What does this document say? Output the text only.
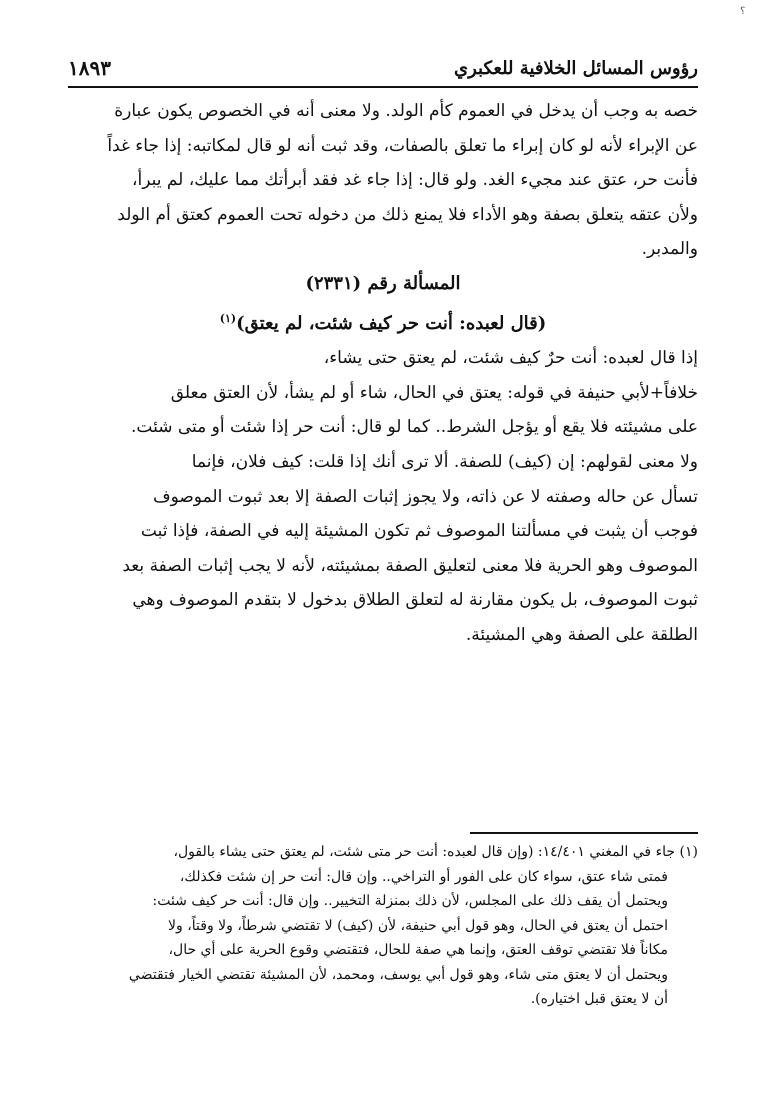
؟
رؤوس المسائل الخلافية للعكبري
١٨٩٣
خصه به وجب أن يدخل في العموم كأم الولد. ولا معنى أنه في الخصوص يكون عبارة
عن الإبراء لأنه لو كان إبراء ما تعلق بالصفات، وقد ثبت أنه لو قال لمكاتبه: إذا جاء غداً
فأنت حر، عتق عند مجيء الغد. ولو قال: إذا جاء غد فقد أبرأتك مما عليك، لم يبرأ،
ولأن عتقه يتعلق بصفة وهو الأداء فلا يمنع ذلك من دخوله تحت العموم كعتق أم الولد
والمدبر.
المسألة رقم (٢٣٣١)
(قال لعبده: أنت حر كيف شئت، لم يعتق)$^{(١)}$
إذا قال لعبده: أنت حرٌ كيف شئت، لم يعتق حتى يشاء،
خلافاً+لأبي حنيفة في قوله: يعتق في الحال، شاء أو لم يشأ، لأن العتق معلق
على مشيئته فلا يقع أو يؤجل الشرط.. كما لو قال: أنت حر إذا شئت أو متى شئت.
ولا معنى لقولهم: إن (كيف) للصفة. ألا ترى أنك إذا قلت: كيف فلان، فإنما
تسأل عن حاله وصفته لا عن ذاته، ولا يجوز إثبات الصفة إلا بعد ثبوت الموصوف
فوجب أن يثبت في مسألتنا الموصوف ثم تكون المشيئة إليه في الصفة، فإذا ثبت
الموصوف وهو الحرية فلا معنى لتعليق الصفة بمشيئته، لأنه لا يجب إثبات الصفة بعد
ثبوت الموصوف، بل يكون مقارنة له لتعلق الطلاق بدخول لا بتقدم الموصوف وهي
الطلقة على الصفة وهي المشيئة.
(١) جاء في المغني ١٤/٤٠١: (وإن قال لعبده: أنت حر متى شئت، لم يعتق حتى يشاء بالقول،
فمتى شاء عتق، سواء كان على الفور أو التراخي.. وإن قال: أنت حر إن شئت فكذلك،
ويحتمل أن يقف ذلك على المجلس، لأن ذلك بمنزلة التخيير.. وإن قال: أنت حر كيف شئت:
احتمل أن يعتق في الحال، وهو قول أبي حنيفة، لأن (كيف) لا تقتضي شرطاً، ولا وقتاً، ولا
مكاناً فلا تقتضي توقف العتق، وإنما هي صفة للحال، فتقتضي وقوع الحرية على أي حال،
ويحتمل أن لا يعتق متى شاء، وهو قول أبي يوسف، ومحمد، لأن المشيئة تقتضي الخيار فتقتضي
أن لا يعتق قبل اختياره).
